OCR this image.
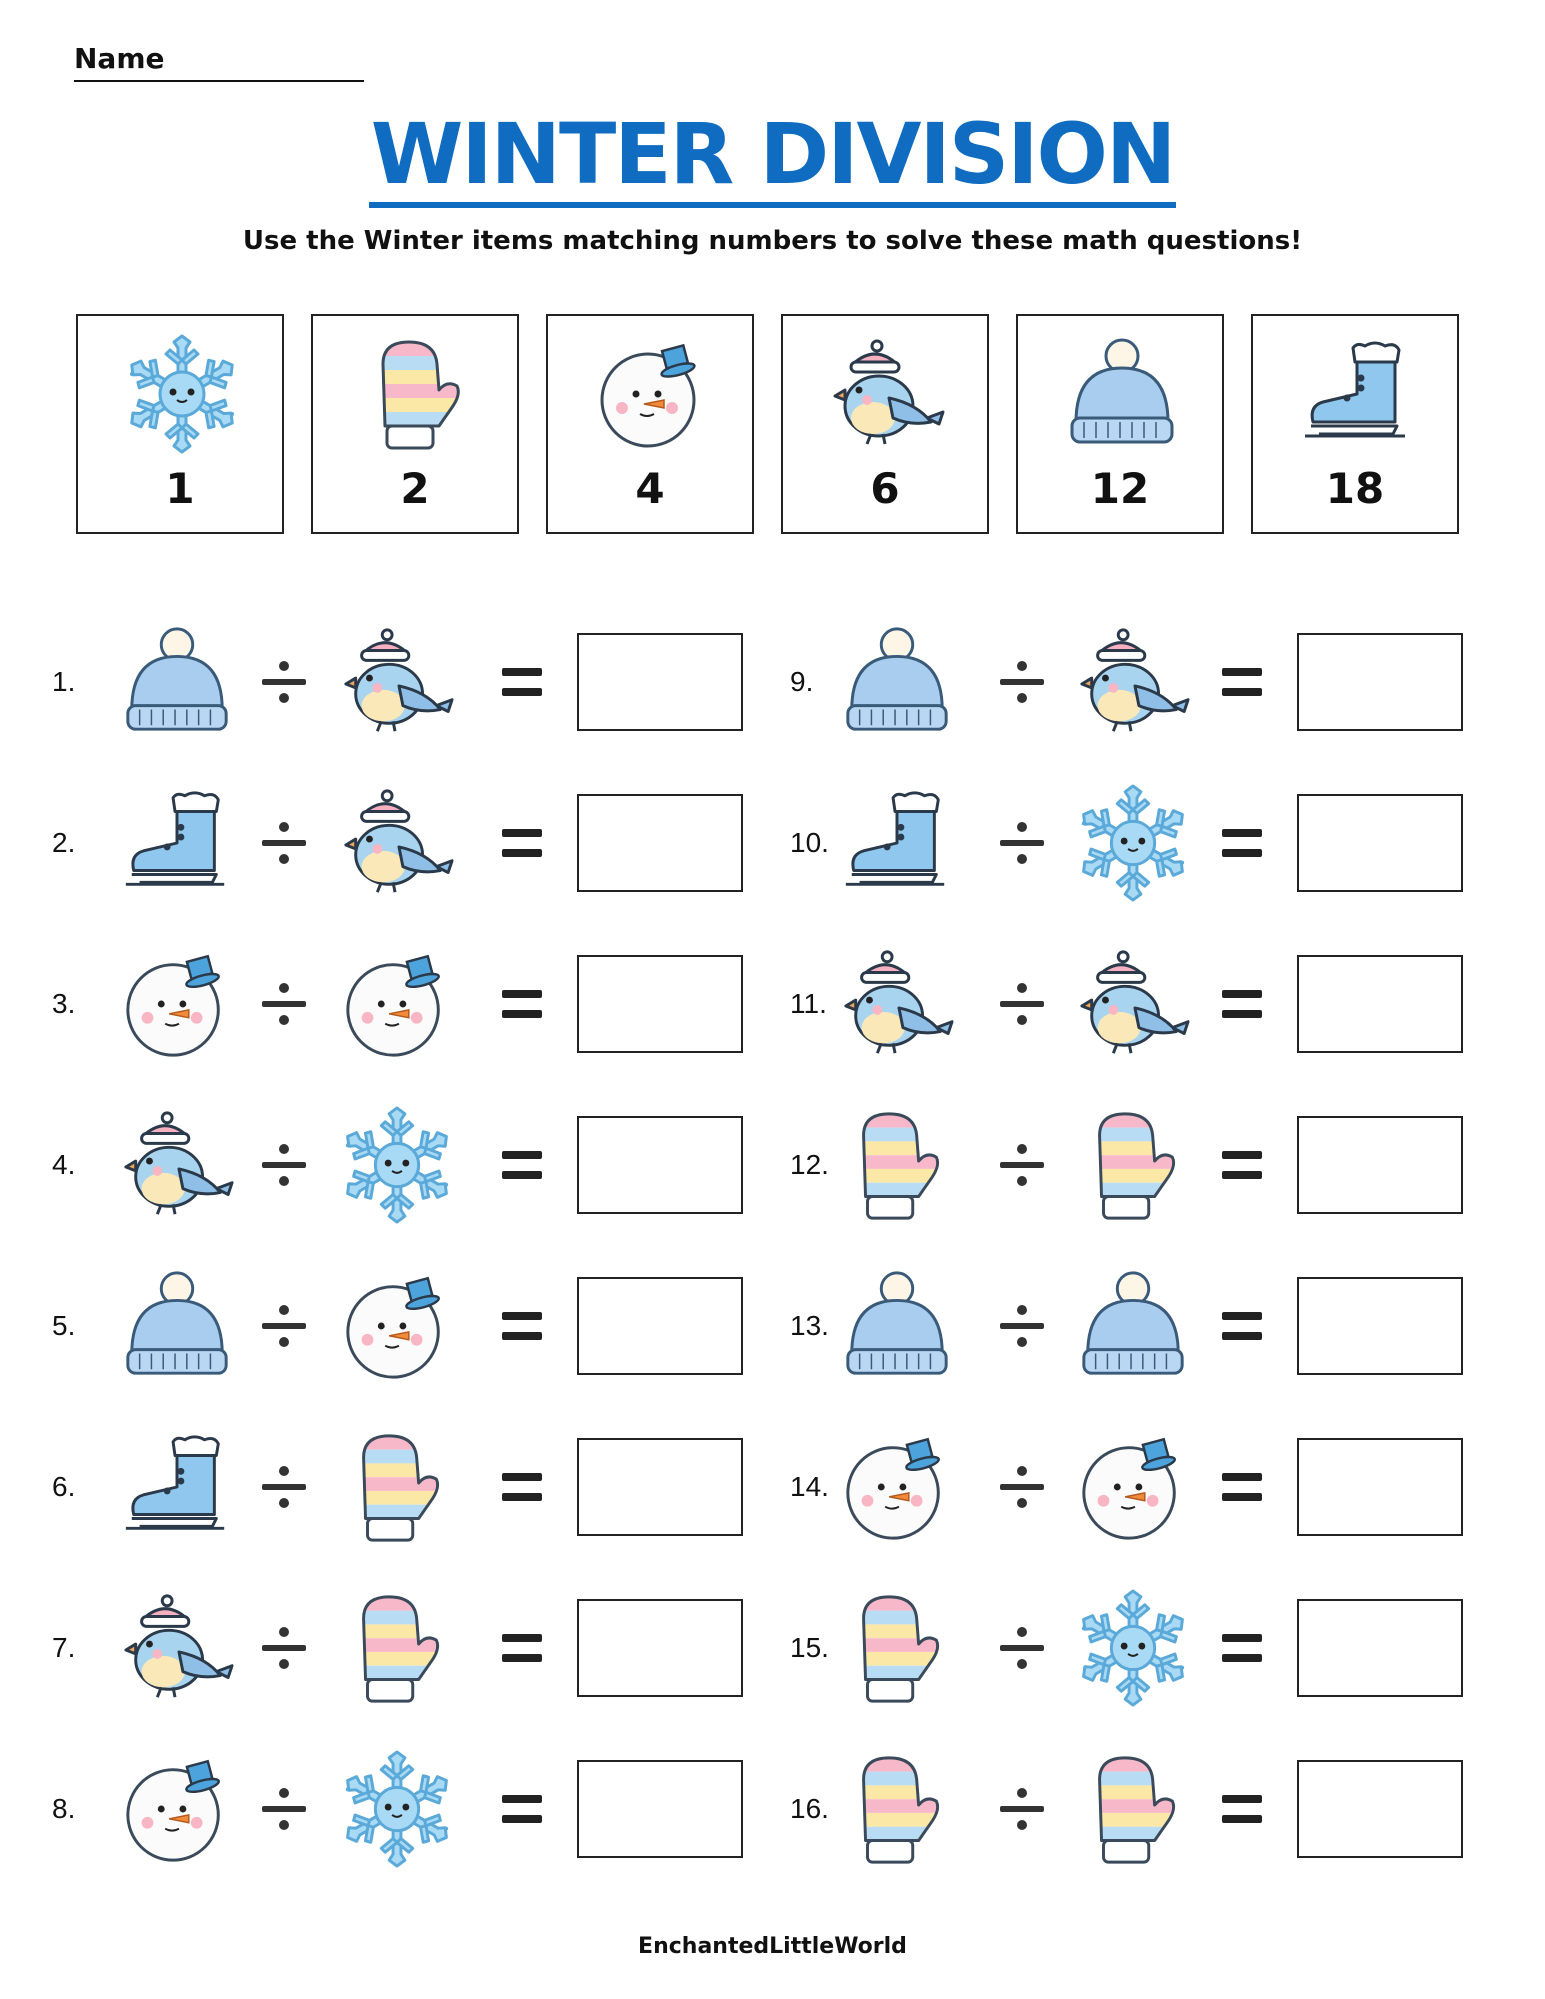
Name
WINTER DIVISION
Use the Winter items matching numbers to solve these math questions!
1	2	4	6	12	18
1.
2.
3.
4.
5.
6.
7.
8.
9.
10.
11.
12.
13.
14.
15.
16.
EnchantedLittleWorld
